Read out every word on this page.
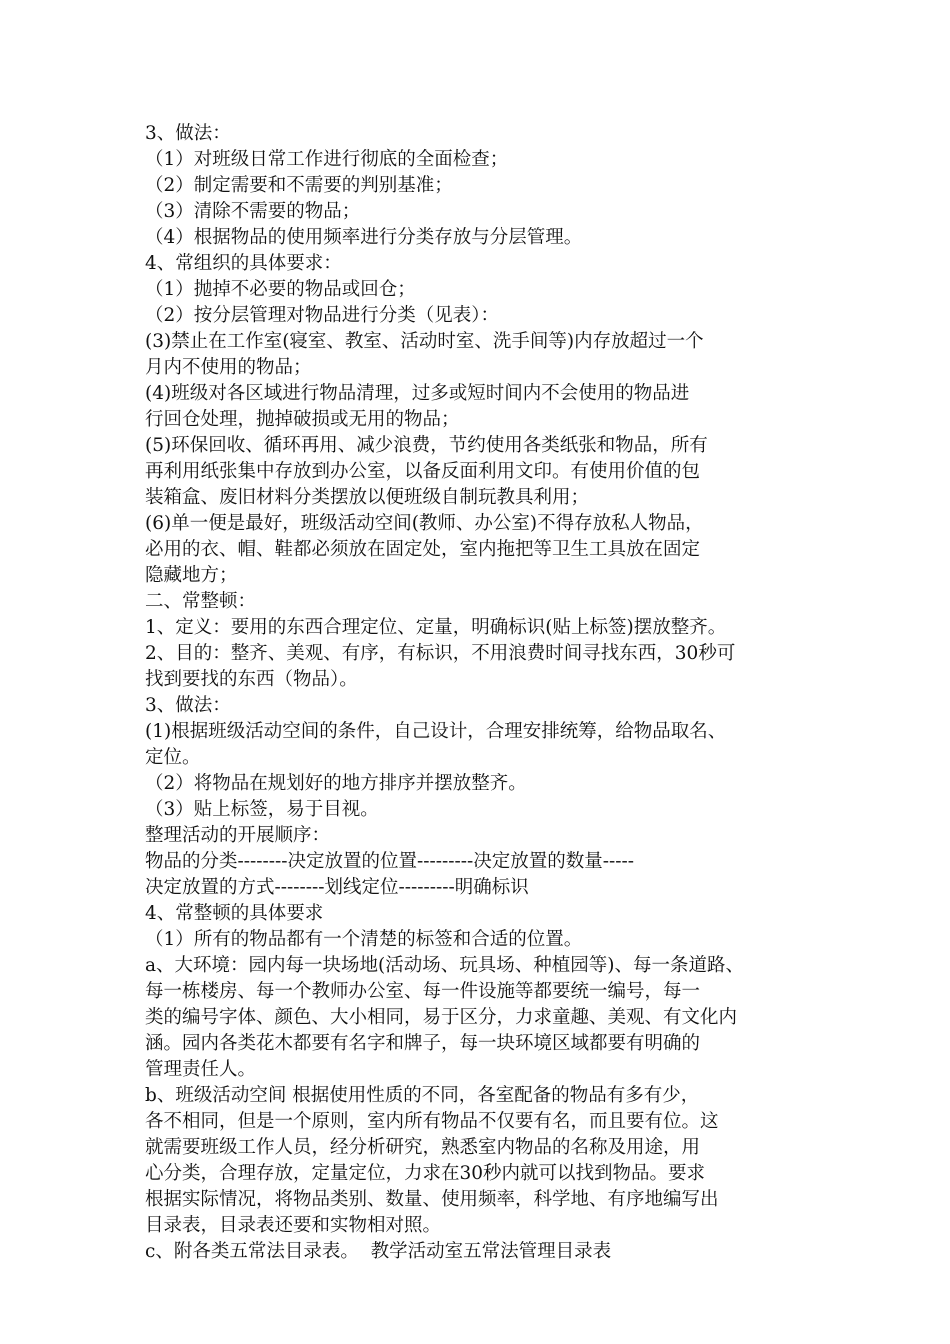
3、做法：

（1）对班级日常工作进行彻底的全面检查；

（2）制定需要和不需要的判别基准；

（3）清除不需要的物品；

（4）根据物品的使用频率进行分类存放与分层管理。

4、常组织的具体要求：

（1）抛掉不必要的物品或回仓；

（2）按分层管理对物品进行分类（见表）：

(3)禁止在工作室(寝室、教室、活动时室、洗手间等)内存放超过一个

月内不使用的物品；

(4)班级对各区域进行物品清理，过多或短时间内不会使用的物品进

行回仓处理，抛掉破损或无用的物品；

(5)环保回收、循环再用、减少浪费，节约使用各类纸张和物品，所有

再利用纸张集中存放到办公室，以备反面利用文印。有使用价值的包

装箱盒、废旧材料分类摆放以便班级自制玩教具利用；

(6)单一便是最好，班级活动空间(教师、办公室)不得存放私人物品，

必用的衣、帽、鞋都必须放在固定处，室内拖把等卫生工具放在固定

隐藏地方；

二、常整顿：

1、定义：要用的东西合理定位、定量，明确标识(贴上标签)摆放整齐。

2、目的：整齐、美观、有序，有标识，不用浪费时间寻找东西，30秒可

找到要找的东西（物品）。

3、做法：

(1)根据班级活动空间的条件，自己设计，合理安排统筹，给物品取名、

定位。

（2）将物品在规划好的地方排序并摆放整齐。

（3）贴上标签，易于目视。

整理活动的开展顺序：

物品的分类--------决定放置的位置---------决定放置的数量-----

决定放置的方式--------划线定位---------明确标识

4、常整顿的具体要求

（1）所有的物品都有一个清楚的标签和合适的位置。

a、大环境：园内每一块场地(活动场、玩具场、种植园等)、每一条道路、

每一栋楼房、每一个教师办公室、每一件设施等都要统一编号，每一

类的编号字体、颜色、大小相同，易于区分，力求童趣、美观、有文化内

涵。园内各类花木都要有名字和牌子，每一块环境区域都要有明确的

管理责任人。

b、班级活动空间 根据使用性质的不同，各室配备的物品有多有少，

各不相同，但是一个原则，室内所有物品不仅要有名，而且要有位。这

就需要班级工作人员，经分析研究，熟悉室内物品的名称及用途，用

心分类，合理存放，定量定位，力求在30秒内就可以找到物品。要求

根据实际情况，将物品类别、数量、使用频率，科学地、有序地编写出

目录表，目录表还要和实物相对照。

c、附各类五常法目录表。  教学活动室五常法管理目录表
